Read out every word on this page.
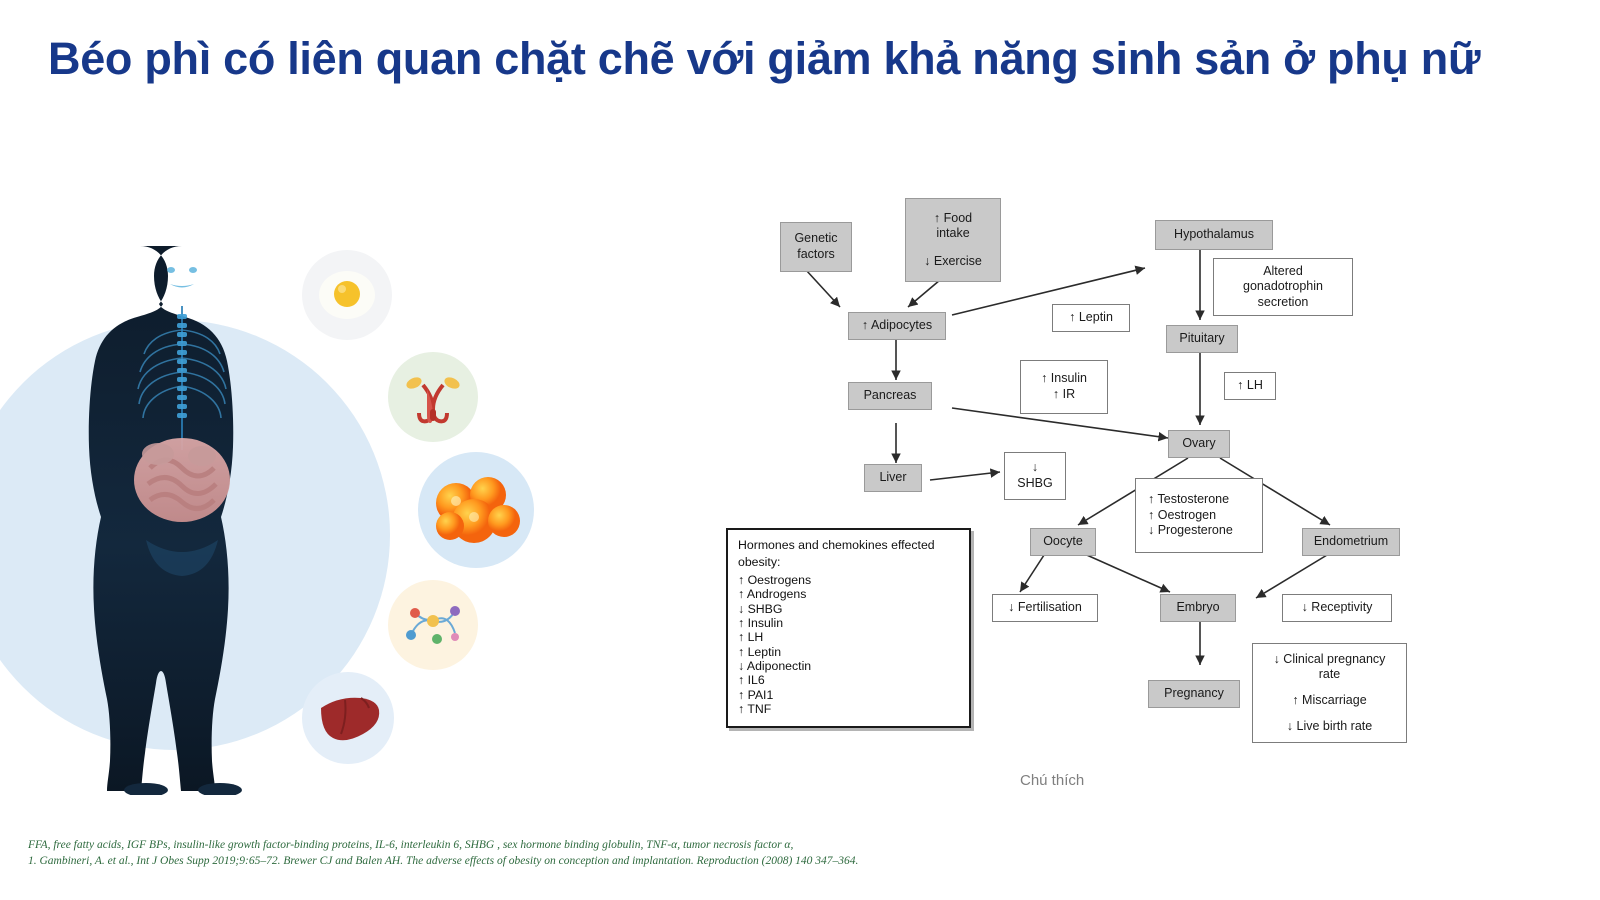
Béo phì có liên quan chặt chẽ với giảm khả năng sinh sản ở phụ nữ
Genetic
factors
↑ Food
intake
↓ Exercise
Hypothalamus
Altered
gonadotrophin
secretion
↑ Adipocytes
↑ Leptin
Pituitary
↑ Insulin
↑ IR
↑ LH
Pancreas
Ovary
Liver
↓
SHBG
↑ Testosterone
↑ Oestrogen
↓ Progesterone
Oocyte	Endometrium
↓ Fertilisation	Embryo	↓ Receptivity
Pregnancy
↓ Clinical pregnancy
rate
↑ Miscarriage
↓ Live birth rate
Hormones and chemokines effected
obesity:
↑ Oestrogens
↑ Androgens
↓ SHBG
↑ Insulin
↑ LH
↑ Leptin
↓ Adiponectin
↑ IL6
↑ PAI1
↑ TNF
Chú thích
FFA, free fatty acids, IGF BPs, insulin-like growth factor-binding proteins, IL-6, interleukin 6, SHBG , sex hormone binding globulin, TNF-α, tumor necrosis factor α,
1. Gambineri, A. et al., Int J Obes Supp 2019;9:65–72. Brewer CJ and Balen AH. The adverse effects of obesity on conception and implantation. Reproduction (2008) 140 347–364.
